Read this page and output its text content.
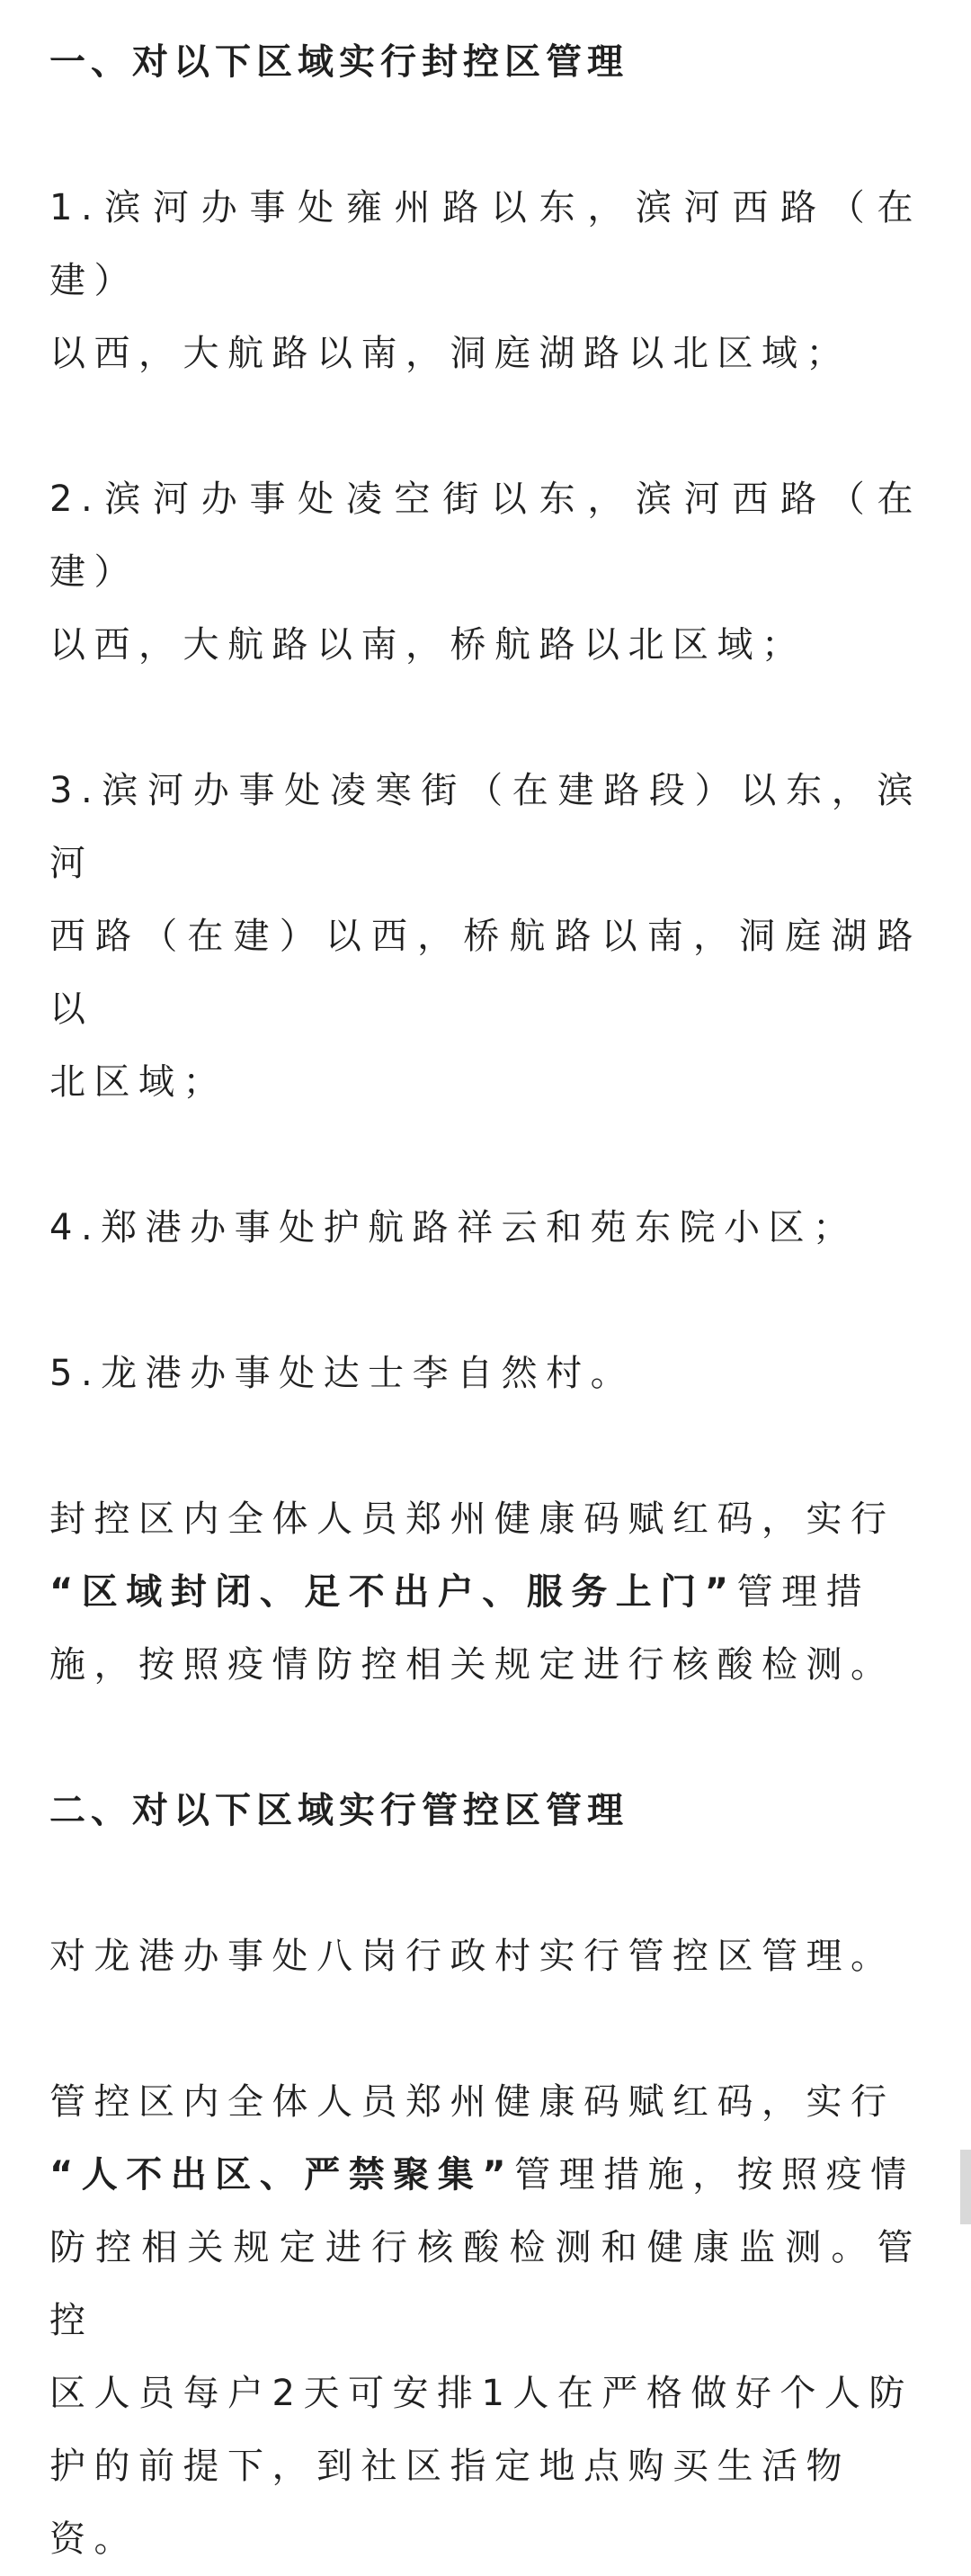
一、对以下区域实行封控区管理

1.滨河办事处雍州路以东，滨河西路（在建）

以西，大航路以南，洞庭湖路以北区域；

2.滨河办事处凌空街以东，滨河西路（在建）

以西，大航路以南，桥航路以北区域；

3.滨河办事处凌寒街（在建路段）以东，滨河

西路（在建）以西，桥航路以南，洞庭湖路以

北区域；

4.郑港办事处护航路祥云和苑东院小区；

5.龙港办事处达士李自然村。

封控区内全体人员郑州健康码赋红码，实行

“区域封闭、足不出户、服务上门”管理措

施，按照疫情防控相关规定进行核酸检测。

二、对以下区域实行管控区管理

对龙港办事处八岗行政村实行管控区管理。

管控区内全体人员郑州健康码赋红码，实行

“人不出区、严禁聚集”管理措施，按照疫情

防控相关规定进行核酸检测和健康监测。管控

区人员每户2天可安排1人在严格做好个人防

护的前提下，到社区指定地点购买生活物

资。
